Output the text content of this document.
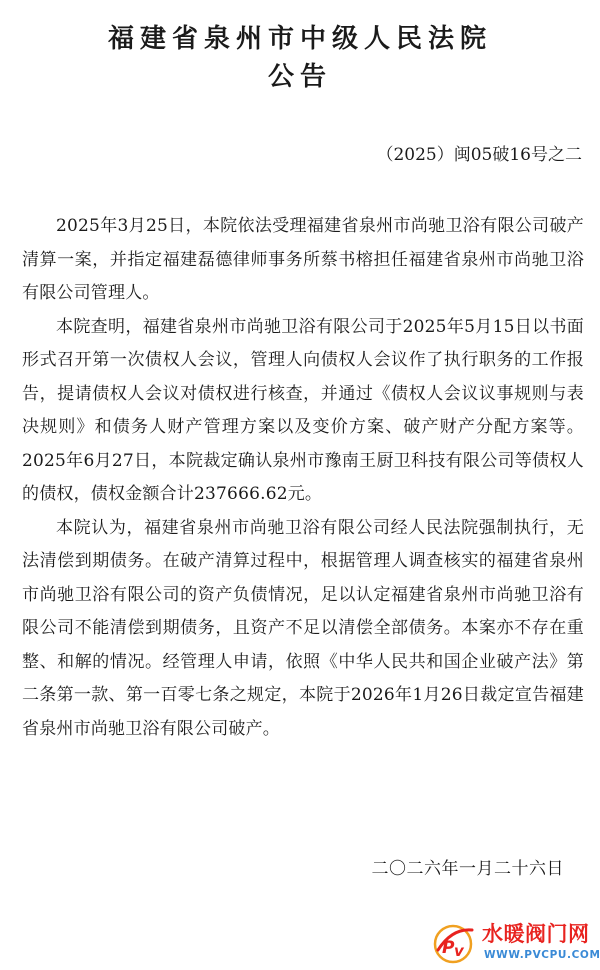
福建省泉州市中级人民法院
公告
（2025）闽05破16号之二

2025年3月25日，本院依法受理福建省泉州市尚驰卫浴有限公司破产清算一案，并指定福建磊德律师事务所蔡书榕担任福建省泉州市尚驰卫浴有限公司管理人。

本院查明，福建省泉州市尚驰卫浴有限公司于2025年5月15日以书面形式召开第一次债权人会议，管理人向债权人会议作了执行职务的工作报告，提请债权人会议对债权进行核查，并通过《债权人会议议事规则与表决规则》和债务人财产管理方案以及变价方案、破产财产分配方案等。2025年6月27日，本院裁定确认泉州市豫南王厨卫科技有限公司等债权人的债权，债权金额合计237666.62元。

本院认为，福建省泉州市尚驰卫浴有限公司经人民法院强制执行，无法清偿到期债务。在破产清算过程中，根据管理人调查核实的福建省泉州市尚驰卫浴有限公司的资产负债情况，足以认定福建省泉州市尚驰卫浴有限公司不能清偿到期债务，且资产不足以清偿全部债务。本案亦不存在重整、和解的情况。经管理人申请，依照《中华人民共和国企业破产法》第二条第一款、第一百零七条之规定，本院于2026年1月26日裁定宣告福建省泉州市尚驰卫浴有限公司破产。

二〇二六年一月二十六日
P v
水暖阀门网
WWW.PVCPU.COM
